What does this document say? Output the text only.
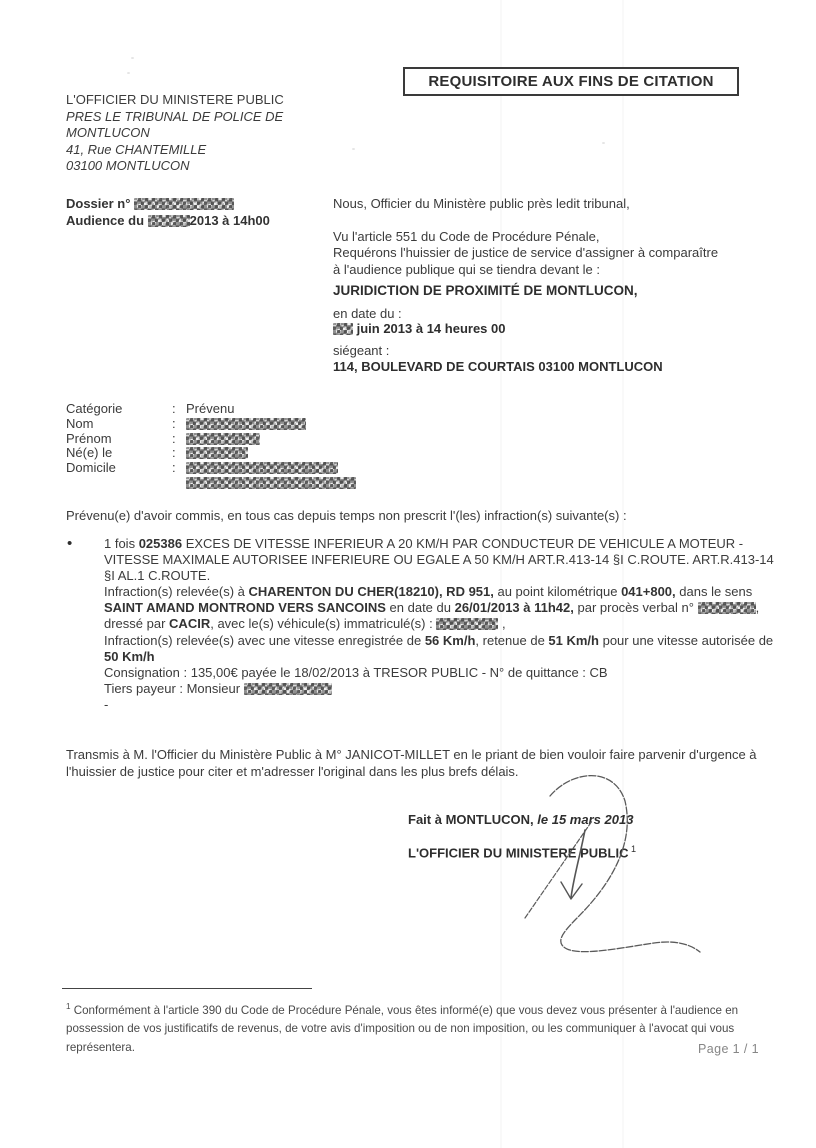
REQUISITOIRE AUX FINS DE CITATION
L'OFFICIER DU MINISTERE PUBLIC
PRES LE TRIBUNAL DE POLICE DE
MONTLUCON
41, Rue CHANTEMILLE
03100 MONTLUCON
Dossier n°
Audience du	2013 à 14h00
Nous, Officier du Ministère public près ledit tribunal,
Vu l'article 551 du Code de Procédure Pénale,
Requérons l'huissier de justice de service d'assigner à comparaître
à l'audience publique qui se tiendra devant le :
JURIDICTION DE PROXIMITÉ DE MONTLUCON,
en date du :
juin 2013 à 14 heures 00
siégeant :
114, BOULEVARD DE COURTAIS 03100 MONTLUCON
Catégorie	: Prévenu
Nom	:
Prénom	:
Né(e) le	:
Domicile	:

Prévenu(e) d'avoir commis, en tous cas depuis temps non prescrit l'(les) infraction(s) suivante(s) :
• 1 fois 025386 EXCES DE VITESSE INFERIEUR A 20 KM/H PAR CONDUCTEUR DE VEHICULE A MOTEUR - VITESSE MAXIMALE AUTORISEE INFERIEURE OU EGALE A 50 KM/H ART.R.413-14 §I C.ROUTE. ART.R.413-14 §I AL.1 C.ROUTE.
Infraction(s) relevée(s) à CHARENTON DU CHER(18210), RD 951, au point kilométrique 041+800, dans le sens SAINT AMAND MONTROND VERS SANCOINS en date du 26/01/2013 à 11h42, par procès verbal n°	, dressé par CACIR, avec le(s) véhicule(s) immatriculé(s) :	,
Infraction(s) relevée(s) avec une vitesse enregistrée de 56 Km/h, retenue de 51 Km/h pour une vitesse autorisée de 50 Km/h
Consignation : 135,00€ payée le 18/02/2013 à TRESOR PUBLIC - N° de quittance : CB
Tiers payeur : Monsieur
-
Transmis à M. l'Officier du Ministère Public à M° JANICOT-MILLET en le priant de bien vouloir faire parvenir d'urgence à l'huissier de justice pour citer et m'adresser l'original dans les plus brefs délais.
Fait à MONTLUCON, le 15 mars 2013
L'OFFICIER DU MINISTERE PUBLIC $^1$
$^1$ Conformément à l'article 390 du Code de Procédure Pénale, vous êtes informé(e) que vous devez vous présenter à l'audience en possession de vos justificatifs de revenus, de votre avis d'imposition ou de non imposition, ou les communiquer à l'avocat qui vous représentera.	Page 1 / 1
